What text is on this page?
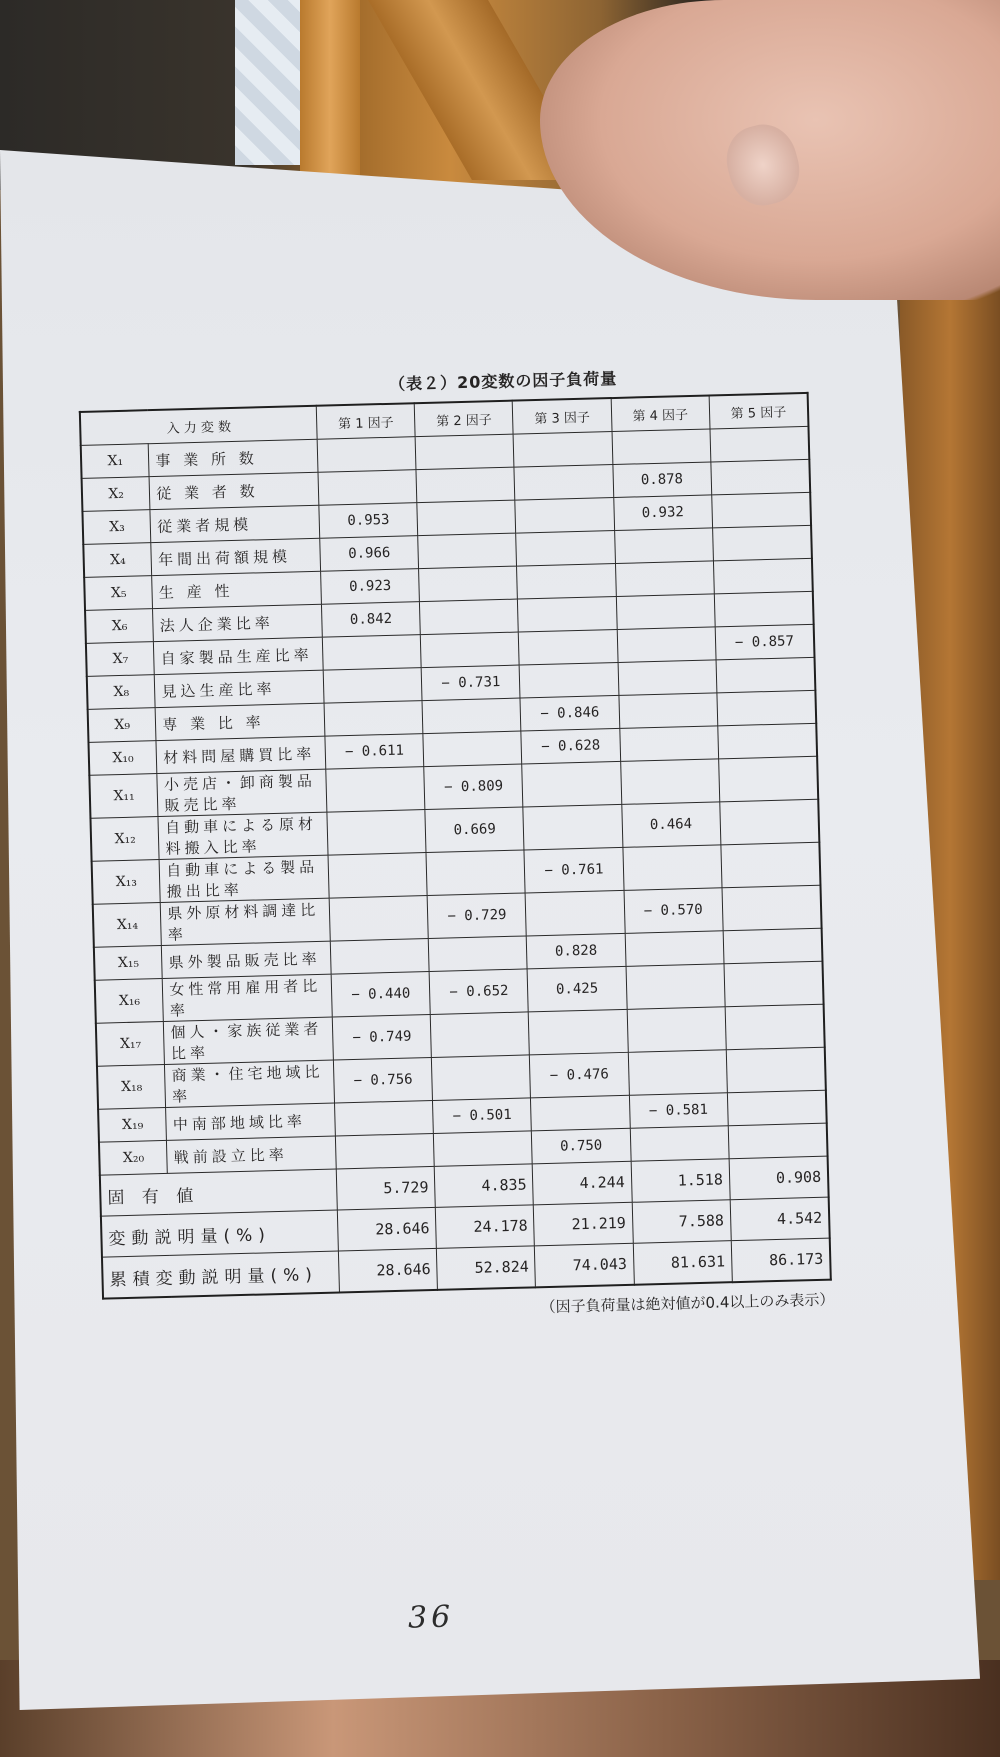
（表２）20変数の因子負荷量
入 力 変 数		第 1 因子	第 2 因子	第 3 因子	第 4 因子	第 5 因子
X₁	事 業 所 数					
X₂	従 業 者 数				0.878	
X₃	従業者規模	0.953			0.932	
X₄	年間出荷額規模	0.966				
X₅	生 産 性	0.923				
X₆	法人企業比率	0.842				
X₇	自家製品生産比率					− 0.857
X₈	見込生産比率		− 0.731			
X₉	専 業 比 率			− 0.846		
X₁₀	材料問屋購買比率	− 0.611		− 0.628		
X₁₁	小売店・卸商製品販売比率		− 0.809			
X₁₂	自動車による原材料搬入比率		0.669		0.464	
X₁₃	自動車による製品搬出比率			− 0.761		
X₁₄	県外原材料調達比率		− 0.729		− 0.570	
X₁₅	県外製品販売比率			0.828		
X₁₆	女性常用雇用者比率	− 0.440	− 0.652	0.425		
X₁₇	個人・家族従業者比率	− 0.749				
X₁₈	商業・住宅地域比率	− 0.756		− 0.476		
X₁₉	中南部地域比率		− 0.501		− 0.581	
X₂₀	戦前設立比率			0.750		
固 有 値		5.729	4.835	4.244	1.518	0.908
変動説明量(%)		28.646	24.178	21.219	7.588	4.542
累積変動説明量(%)		28.646	52.824	74.043	81.631	86.173
（因子負荷量は絶対値が0.4以上のみ表示）
36
